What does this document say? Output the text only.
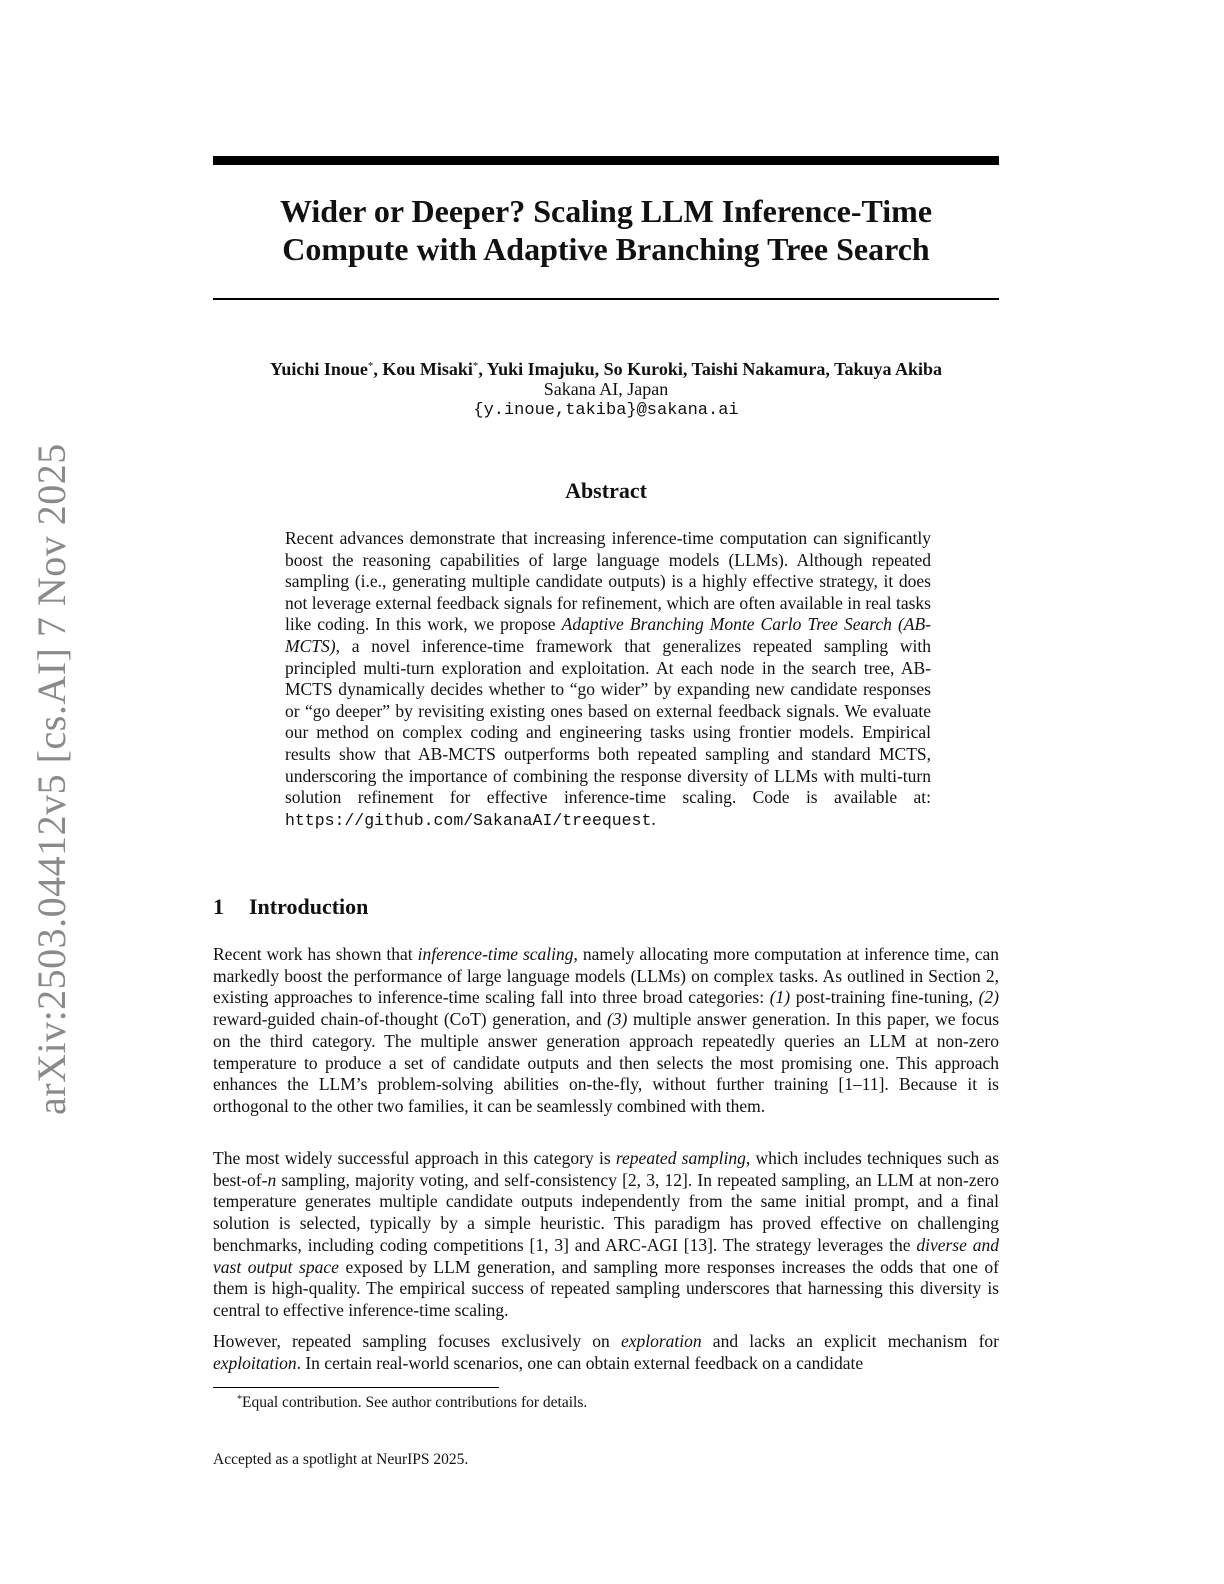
arXiv:2503.04412v5 [cs.AI] 7 Nov 2025
Wider or Deeper? Scaling LLM Inference-Time
Compute with Adaptive Branching Tree Search
Yuichi Inoue*, Kou Misaki*, Yuki Imajuku, So Kuroki, Taishi Nakamura, Takuya Akiba
Sakana AI, Japan
{y.inoue,takiba}@sakana.ai
Abstract
Recent advances demonstrate that increasing inference-time computation can significantly boost the reasoning capabilities of large language models (LLMs). Although repeated sampling (i.e., generating multiple candidate outputs) is a highly effective strategy, it does not leverage external feedback signals for refinement, which are often available in real tasks like coding. In this work, we propose Adaptive Branching Monte Carlo Tree Search (AB-MCTS), a novel inference-time framework that generalizes repeated sampling with principled multi-turn exploration and exploitation. At each node in the search tree, AB-MCTS dynamically decides whether to “go wider” by expanding new candidate responses or “go deeper” by revisiting existing ones based on external feedback signals. We evaluate our method on complex coding and engineering tasks using frontier models. Empirical results show that AB-MCTS outperforms both repeated sampling and standard MCTS, underscoring the importance of combining the response diversity of LLMs with multi-turn solution refinement for effective inference-time scaling. Code is available at: https://github.com/SakanaAI/treequest.
1 Introduction
Recent work has shown that inference-time scaling, namely allocating more computation at inference time, can markedly boost the performance of large language models (LLMs) on complex tasks. As outlined in Section 2, existing approaches to inference-time scaling fall into three broad categories: (1) post-training fine-tuning, (2) reward-guided chain-of-thought (CoT) generation, and (3) multiple answer generation. In this paper, we focus on the third category. The multiple answer generation approach repeatedly queries an LLM at non-zero temperature to produce a set of candidate outputs and then selects the most promising one. This approach enhances the LLM’s problem-solving abilities on-the-fly, without further training [1–11]. Because it is orthogonal to the other two families, it can be seamlessly combined with them.
The most widely successful approach in this category is repeated sampling, which includes techniques such as best-of-n sampling, majority voting, and self-consistency [2, 3, 12]. In repeated sampling, an LLM at non-zero temperature generates multiple candidate outputs independently from the same initial prompt, and a final solution is selected, typically by a simple heuristic. This paradigm has proved effective on challenging benchmarks, including coding competitions [1, 3] and ARC-AGI [13]. The strategy leverages the diverse and vast output space exposed by LLM generation, and sampling more responses increases the odds that one of them is high-quality. The empirical success of repeated sampling underscores that harnessing this diversity is central to effective inference-time scaling.
However, repeated sampling focuses exclusively on exploration and lacks an explicit mechanism for exploitation. In certain real-world scenarios, one can obtain external feedback on a candidate
*Equal contribution. See author contributions for details.
Accepted as a spotlight at NeurIPS 2025.
